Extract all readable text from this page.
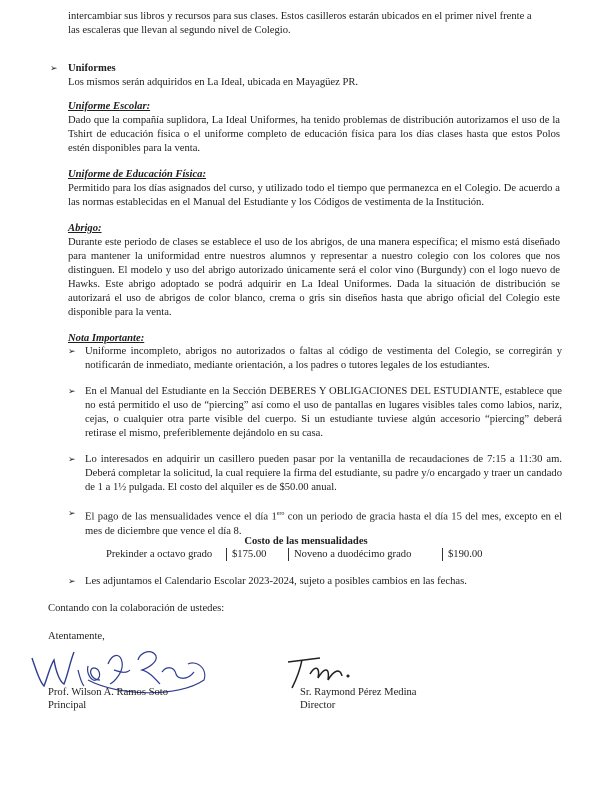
intercambiar sus libros y recursos para sus clases. Estos casilleros estarán ubicados en el primer nivel frente a
las escaleras que llevan al segundo nivel de Colegio.
➢ Uniformes
Los mismos serán adquiridos en La Ideal, ubicada en Mayagüez PR.
Uniforme Escolar:
Dado que la compañía suplidora, La Ideal Uniformes, ha tenido problemas de distribución autorizamos el uso de la Tshirt de educación física o el uniforme completo de educación física para los días clases hasta que estos Polos estén disponibles para la venta.
Uniforme de Educación Física:
Permitido para los días asignados del curso, y utilizado todo el tiempo que permanezca en el Colegio. De acuerdo a las normas establecidas en el Manual del Estudiante y los Códigos de vestimenta de la Institución.
Abrigo:
Durante este periodo de clases se establece el uso de los abrigos, de una manera específica; el mismo está diseñado para mantener la uniformidad entre nuestros alumnos y representar a nuestro colegio con los colores que nos distinguen. El modelo y uso del abrigo autorizado únicamente será el color vino (Burgundy) con el logo nuevo de Hawks. Este abrigo adoptado se podrá adquirir en La Ideal Uniformes. Dada la situación de distribución se autorizará el uso de abrigos de color blanco, crema o gris sin diseños hasta que abrigo oficial del Colegio este disponible para la venta.
Nota Importante:
➢ Uniforme incompleto, abrigos no autorizados o faltas al código de vestimenta del Colegio, se corregirán y notificarán de inmediato, mediante orientación, a los padres o tutores legales de los estudiantes.
➢ En el Manual del Estudiante en la Sección DEBERES Y OBLIGACIONES DEL ESTUDIANTE, establece que no está permitido el uso de “piercing” así como el uso de pantallas en lugares visibles tales como labios, nariz, cejas, o cualquier otra parte visible del cuerpo. Si un estudiante tuviese algún accesorio “piercing” deberá retirase el mismo, preferiblemente dejándolo en su casa.
➢ Lo interesados en adquirir un casillero pueden pasar por la ventanilla de recaudaciones de 7:15 a 11:30 am. Deberá completar la solicitud, la cual requiere la firma del estudiante, su padre y/o encargado y traer un candado de 1 a 1½ pulgada. El costo del alquiler es de $50.00 anual.
➢ El pago de las mensualidades vence el día $1^{ero}$ con un periodo de gracia hasta el día 15 del mes, excepto en el mes de diciembre que vence el día 8.
Costo de las mensualidades
Prekinder a octavo grado $175.00	Noveno a duodécimo grado	$190.00
➢ Les adjuntamos el Calendario Escolar 2023-2024, sujeto a posibles cambios en las fechas.
Contando con la colaboración de ustedes:
Atentamente,
Prof. Wilson A. Ramos Soto
Principal
Sr. Raymond Pérez Medina
Director
